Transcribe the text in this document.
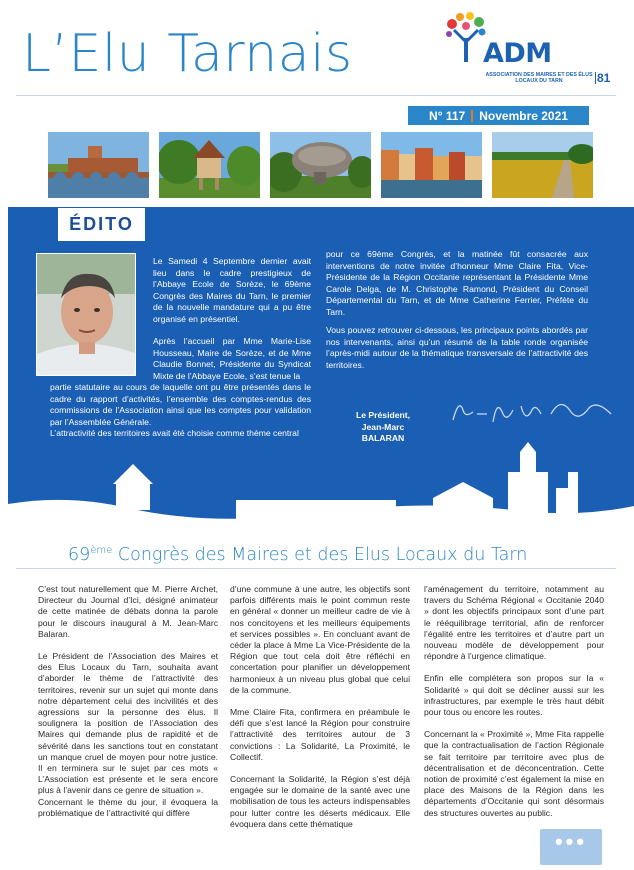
L’Elu Tarnais	ADM
ASSOCIATION DES MAIRES ET DES ÉLUS LOCAUX DU TARN	81
N° 117 Novembre 2021

Le Samedi 4 Septembre dernier avait lieu dans le cadre prestigieux de l’Abbaye Ecole de Sorèze, le 69ème Congrès des Maires du Tarn, le premier de la nouvelle mandature qui a pu être organisé en présentiel.

Après l’accueil par Mme Marie-Lise Housseau, Maire de Sorèze, et de Mme Claudie Bonnet, Présidente du Syndicat Mixte de l’Abbaye Ecole, s’est tenue la

partie statutaire au cours de laquelle ont pu être présentés dans le cadre du rapport d’activités, l’ensemble des comptes-rendus des commissions de l’Association ainsi que les comptes pour validation par l’Assemblée Générale.

L’attractivité des territoires avait été choisie comme thème central

pour ce 69ème Congrès, et la matinée fût consacrée aux interventions de notre invitée d’honneur Mme Claire Fita, Vice-Présidente de la Région Occitanie représentant la Présidente Mme Carole Delga, de M. Christophe Ramond, Président du Conseil Départemental du Tarn, et de Mme Catherine Ferrier, Préfète du Tarn.

Vous pouvez retrouver ci-dessous, les principaux points abordés par nos intervenants, ainsi qu’un résumé de la table ronde organisée l’après-midi autour de la thématique transversale de l’attractivité des territoires.

ÉDITO
Le Président,
Jean-Marc BALARAN
69ème Congrès des Maires et des Elus Locaux du Tarn

C’est tout naturellement que M. Pierre Archet, Directeur du Journal d’Ici, désigné animateur de cette matinée de débats donna la parole pour le discours inaugural à M. Jean-Marc Balaran.

Le Président de l’Association des Maires et des Elus Locaux du Tarn, souhaita avant d’aborder le thème de l’attractivité des territoires, revenir sur un sujet qui monte dans notre département celui des incivilités et des agressions sur la personne des élus. Il soulignera la position de l’Association des Maires qui demande plus de rapidité et de sévérité dans les sanctions tout en constatant un manque cruel de moyen pour notre justice. Il en terminera sur le sujet par ces mots « L’Association est présente et le sera encore plus à l’avenir dans ce genre de situation ».

Concernant le thème du jour, il évoquera la problématique de l’attractivité qui diffère

d’une commune à une autre, les objectifs sont parfois différents mais le point commun reste en général « donner un meilleur cadre de vie à nos concitoyens et les meilleurs équipements et services possibles ». En concluant avant de céder la place à Mme La Vice-Présidente de la Région que tout cela doit être réfléchi en concertation pour planifier un développement harmonieux à un niveau plus global que celui de la commune.

Mme Claire Fita, confirmera en préambule le défi que s’est lancé la Région pour construire l’attractivité des territoires autour de 3 convictions : La Solidarité, La Proximité, le Collectif.

Concernant la Solidarité, la Région s’est déjà engagée sur le domaine de la santé avec une mobilisation de tous les acteurs indispensables pour lutter contre les déserts médicaux. Elle évoquera dans cette thématique

l’aménagement du territoire, notamment au travers du Schéma Régional « Occitanie 2040 » dont les objectifs principaux sont d’une part le rééquilibrage territorial, afin de renforcer l’égalité entre les territoires et d’autre part un nouveau modèle de développement pour répondre à l’urgence climatique.

Enfin elle complétera son propos sur la « Solidarité » qui doit se décliner aussi sur les infrastructures, par exemple le très haut débit pour tous ou encore les routes.

Concernant la « Proximité », Mme Fita rappelle que la contractualisation de l’action Régionale se fait territoire par territoire avec plus de décentralisation et de déconcentration. Cette notion de proximité c’est également la mise en place des Maisons de la Région dans les départements d’Occitanie qui sont désormais des structures ouvertes au public.

•••
